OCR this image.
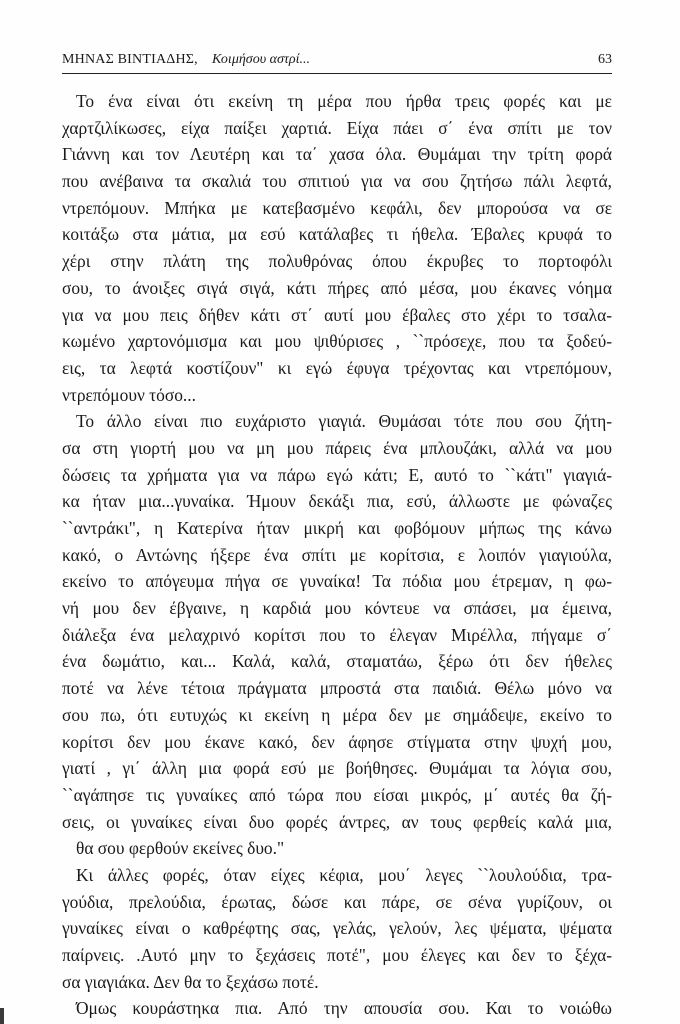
ΜΗΝΑΣ ΒΙΝΤΙΑΔΗΣ, Κοιμήσου αστρί...	63

Το ένα είναι ότι εκείνη τη μέρα που ήρθα τρεις φορές και με
χαρτζιλίκωσες, είχα παίξει χαρτιά. Είχα πάει σ΄ ένα σπίτι με τον
Γιάννη και τον Λευτέρη και τα΄ χασα όλα. Θυμάμαι την τρίτη φορά
που ανέβαινα τα σκαλιά του σπιτιού για να σου ζητήσω πάλι λεφτά,
ντρεπόμουν. Μπήκα με κατεβασμένο κεφάλι, δεν μπορούσα να σε
κοιτάξω στα μάτια, μα εσύ κατάλαβες τι ήθελα. Έβαλες κρυφά το
χέρι στην πλάτη της πολυθρόνας όπου έκρυβες το πορτοφόλι
σου, το άνοιξες σιγά σιγά, κάτι πήρες από μέσα, μου έκανες νόημα
για να μου πεις δήθεν κάτι στ΄ αυτί μου έβαλες στο χέρι το τσαλα-
κωμένο χαρτονόμισμα και μου ψιθύρισες , ``πρόσεχε, που τα ξοδεύ-
εις, τα λεφτά κοστίζουν" κι εγώ έφυγα τρέχοντας και ντρεπόμουν,
ντρεπόμουν τόσο...

Το άλλο είναι πιο ευχάριστο γιαγιά. Θυμάσαι τότε που σου ζήτη-
σα στη γιορτή μου να μη μου πάρεις ένα μπλουζάκι, αλλά να μου
δώσεις τα χρήματα για να πάρω εγώ κάτι; Ε, αυτό το ``κάτι" γιαγιά-
κα ήταν μια...γυναίκα. Ήμουν δεκάξι πια, εσύ, άλλωστε με φώναζες
``αντράκι", η Κατερίνα ήταν μικρή και φοβόμουν μήπως της κάνω
κακό, ο Αντώνης ήξερε ένα σπίτι με κορίτσια, ε λοιπόν γιαγιούλα,
εκείνο το απόγευμα πήγα σε γυναίκα! Τα πόδια μου έτρεμαν, η φω-
νή μου δεν έβγαινε, η καρδιά μου κόντευε να σπάσει, μα έμεινα,
διάλεξα ένα μελαχρινό κορίτσι που το έλεγαν Μιρέλλα, πήγαμε σ΄
ένα δωμάτιο, και... Καλά, καλά, σταματάω, ξέρω ότι δεν ήθελες
ποτέ να λένε τέτοια πράγματα μπροστά στα παιδιά. Θέλω μόνο να
σου πω, ότι ευτυχώς κι εκείνη η μέρα δεν με σημάδεψε, εκείνο το
κορίτσι δεν μου έκανε κακό, δεν άφησε στίγματα στην ψυχή μου,
γιατί , γι΄ άλλη μια φορά εσύ με βοήθησες. Θυμάμαι τα λόγια σου,
``αγάπησε τις γυναίκες από τώρα που είσαι μικρός, μ΄ αυτές θα ζή-
σεις, οι γυναίκες είναι δυο φορές άντρες, αν τους φερθείς καλά μια,
θα σου φερθούν εκείνες δυο."

Κι άλλες φορές, όταν είχες κέφια, μου΄ λεγες ``λουλούδια, τρα-
γούδια, πρελούδια, έρωτας, δώσε και πάρε, σε σένα γυρίζουν, οι
γυναίκες είναι ο καθρέφτης σας, γελάς, γελούν, λες ψέματα, ψέματα
παίρνεις. .Αυτό μην το ξεχάσεις ποτέ", μου έλεγες και δεν το ξέχα-
σα γιαγιάκα. Δεν θα το ξεχάσω ποτέ.

Όμως κουράστηκα πια. Από την απουσία σου. Και το νοιώθω
